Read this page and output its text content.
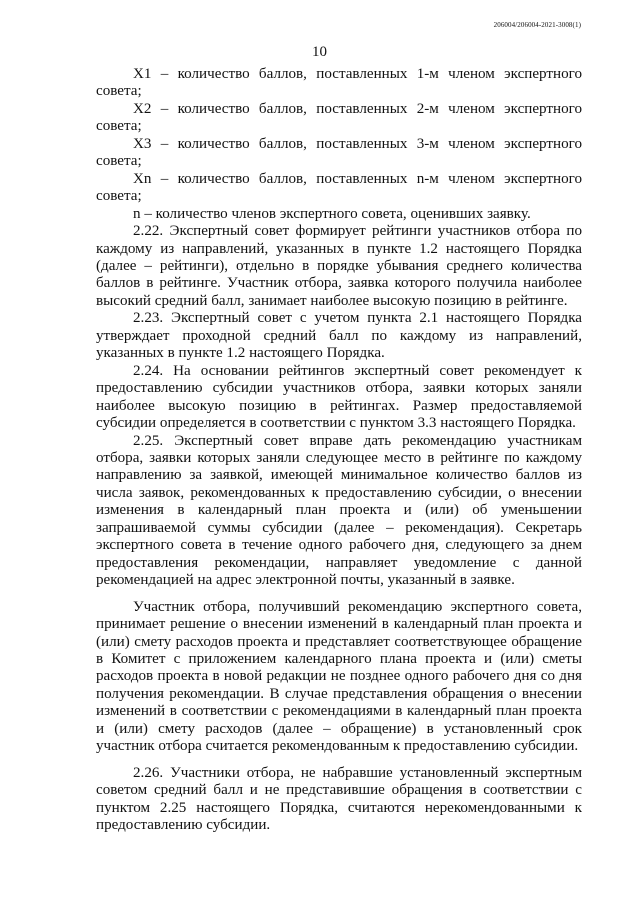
206004/206004-2021-3008(1)
10

X1 – количество баллов, поставленных 1-м членом экспертного совета;

X2 – количество баллов, поставленных 2-м членом экспертного совета;

X3 – количество баллов, поставленных 3-м членом экспертного совета;

Xn – количество баллов, поставленных n-м членом экспертного совета;

n – количество членов экспертного совета, оценивших заявку.

2.22. Экспертный совет формирует рейтинги участников отбора по каждому из направлений, указанных в пункте 1.2 настоящего Порядка (далее – рейтинги), отдельно в порядке убывания среднего количества баллов в рейтинге. Участник отбора, заявка которого получила наиболее высокий средний балл, занимает наиболее высокую позицию в рейтинге.

2.23. Экспертный совет с учетом пункта 2.1 настоящего Порядка утверждает проходной средний балл по каждому из направлений, указанных в пункте 1.2 настоящего Порядка.

2.24. На основании рейтингов экспертный совет рекомендует к предоставлению субсидии участников отбора, заявки которых заняли наиболее высокую позицию в рейтингах. Размер предоставляемой субсидии определяется в соответствии с пунктом 3.3 настоящего Порядка.

2.25. Экспертный совет вправе дать рекомендацию участникам отбора, заявки которых заняли следующее место в рейтинге по каждому направлению за заявкой, имеющей минимальное количество баллов из числа заявок, рекомендованных к предоставлению субсидии, о внесении изменения в календарный план проекта и (или) об уменьшении запрашиваемой суммы субсидии (далее – рекомендация). Секретарь экспертного совета в течение одного рабочего дня, следующего за днем предоставления рекомендации, направляет уведомление с данной рекомендацией на адрес электронной почты, указанный в заявке.

Участник отбора, получивший рекомендацию экспертного совета, принимает решение о внесении изменений в календарный план проекта и (или) смету расходов проекта и представляет соответствующее обращение в Комитет с приложением календарного плана проекта и (или) сметы расходов проекта в новой редакции не позднее одного рабочего дня со дня получения рекомендации. В случае представления обращения о внесении изменений в соответствии с рекомендациями в календарный план проекта и (или) смету расходов (далее – обращение) в установленный срок участник отбора считается рекомендованным к предоставлению субсидии.

2.26. Участники отбора, не набравшие установленный экспертным советом средний балл и не представившие обращения в соответствии с пунктом 2.25 настоящего Порядка, считаются нерекомендованными к предоставлению субсидии.
